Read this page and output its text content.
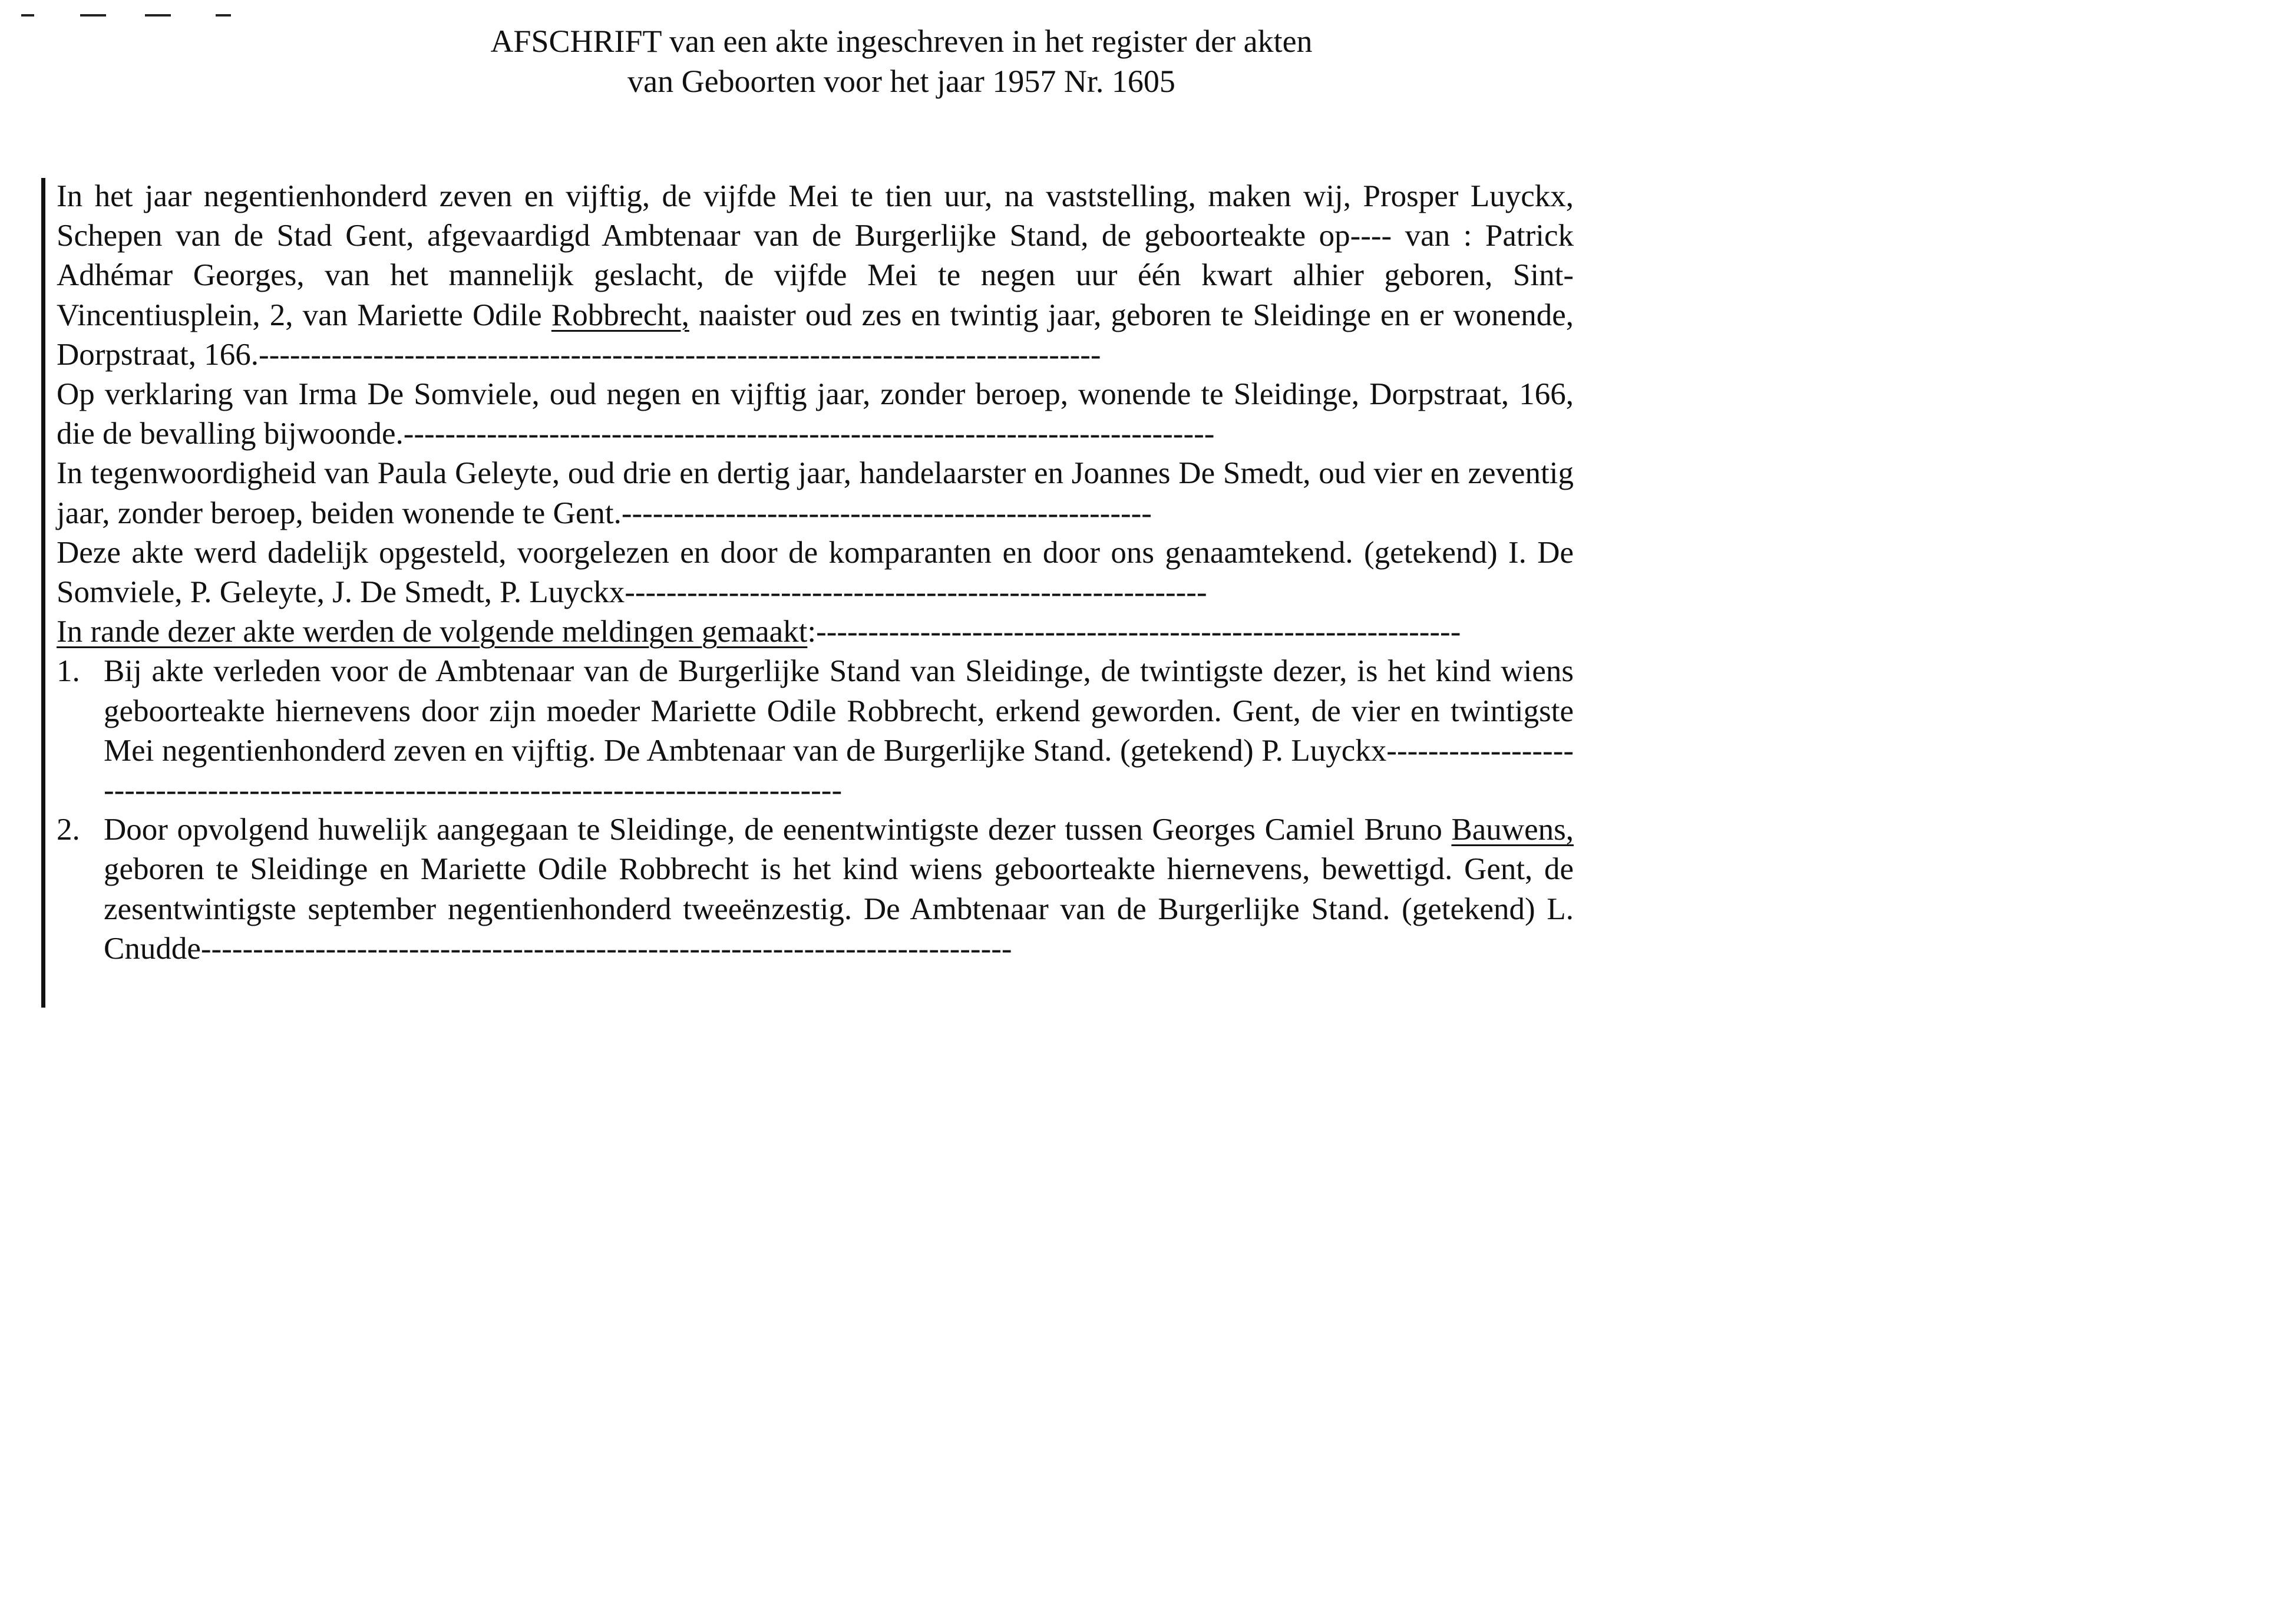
AFSCHRIFT van een akte ingeschreven in het register der akten
van Geboorten voor het jaar 1957 Nr. 1605

In het jaar negentienhonderd zeven en vijftig, de vijfde Mei te tien uur, na vaststelling, maken wij, Prosper Luyckx, Schepen van de Stad Gent, afgevaardigd Ambtenaar van de Burgerlijke Stand, de geboorteakte op---- van : Patrick Adhémar Georges, van het mannelijk geslacht, de vijfde Mei te negen uur één kwart alhier geboren, Sint-Vincentiusplein, 2, van Mariette Odile Robbrecht, naaister oud zes en twintig jaar, geboren te Sleidinge en er wonende, Dorpstraat, 166.---------------------------------------------------------------------------------

Op verklaring van Irma De Somviele, oud negen en vijftig jaar, zonder beroep, wonende te Sleidinge, Dorpstraat, 166, die de bevalling bijwoonde.------------------------------------------------------------------------------

In tegenwoordigheid van Paula Geleyte, oud drie en dertig jaar, handelaarster en Joannes De Smedt, oud vier en zeventig jaar, zonder beroep, beiden wonende te Gent.---------------------------------------------------

Deze akte werd dadelijk opgesteld, voorgelezen en door de komparanten en door ons genaamtekend. (getekend) I. De Somviele, P. Geleyte, J. De Smedt, P. Luyckx--------------------------------------------------------

In rande dezer akte werden de volgende meldingen gemaakt:--------------------------------------------------------------

1. Bij akte verleden voor de Ambtenaar van de Burgerlijke Stand van Sleidinge, de twintigste dezer, is het kind wiens geboorteakte hiernevens door zijn moeder Mariette Odile Robbrecht, erkend geworden. Gent, de vier en twintigste Mei negentienhonderd zeven en vijftig. De Ambtenaar van de Burgerlijke Stand. (getekend) P. Luyckx-----------------------------------------------------------------------------------------

2. Door opvolgend huwelijk aangegaan te Sleidinge, de eenentwintigste dezer tussen Georges Camiel Bruno Bauwens, geboren te Sleidinge en Mariette Odile Robbrecht is het kind wiens geboorteakte hiernevens, bewettigd. Gent, de zesentwintigste september negentienhonderd tweeënzestig. De Ambtenaar van de Burgerlijke Stand. (getekend) L. Cnudde------------------------------------------------------------------------------
